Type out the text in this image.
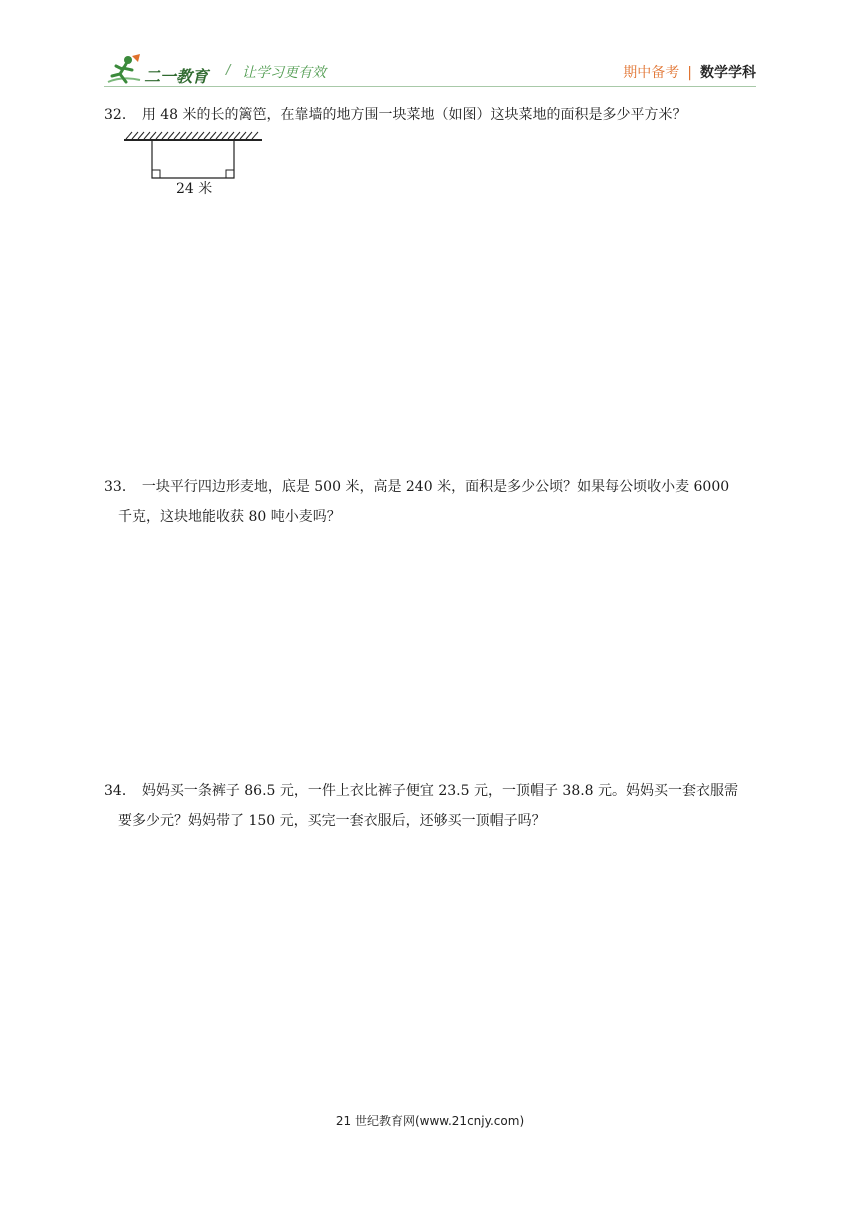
二一教育 / 让学习更有效	期中备考 | 数学学科
32． 用 48 米的长的篱笆，在靠墙的地方围一块菜地（如图）这块菜地的面积是多少平方米？
24 米
33． 一块平行四边形麦地，底是 500 米，高是 240 米，面积是多少公顷？如果每公顷收小麦 6000
千克，这块地能收获 80 吨小麦吗？
34． 妈妈买一条裤子 86.5 元，一件上衣比裤子便宜 23.5 元，一顶帽子 38.8 元。妈妈买一套衣服需
要多少元？妈妈带了 150 元，买完一套衣服后，还够买一顶帽子吗？
21 世纪教育网(www.21cnjy.com)
